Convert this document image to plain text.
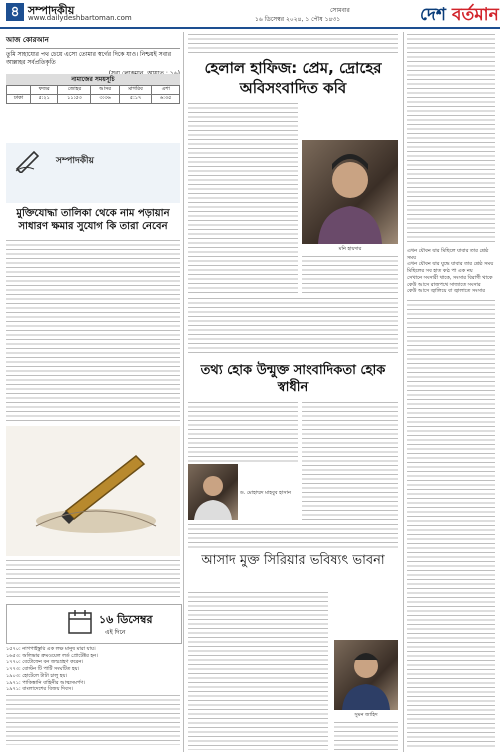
৪ সম্পাদকীয়
www.dailydeshbartoman.com
সোমবার
১৬ ডিসেম্বর ২০২৪, ১ পৌষ ১৪৩১	দেশ বর্তমান
আজ কোরআন
তুমি সাহায্যের পথ চেয়ে এসো তোমার স্বর্গের দিকে যাও। নিশ্চয়ই সবার আল্লাহর সর্বপ্রতিকৃতি
নামাজের সময়সূচি
	ফজর	জোহর	আসর	মাগরিব	এশা
ঢাকা	৫:২১	১১:৫৩	৩:৩৬	৫:১৭	৬:৩৫
সম্পাদকীয়
মুক্তিযোদ্ধা তালিকা থেকে নাম পড়ায়ান সাধারণ ক্ষমার সুযোগ কি তারা নেবেন
১৬ ডিসেম্বর
এই দিনে

১৫৭০: নাগপাইস্তুরি এক লক্ষ মানুষ মারা যায়।

১৬৫৩: অলিভার ক্রমওয়েল লর্ড প্রোটেক্টর হন।

১৭৭০: বেটোফেন বন জন্মগ্রহণ করেন।

১৭৭৩: বোস্টন টি পার্টি সংঘটিত হয়।

১৯০৩: হোটেলে টাটা চালু হয়।

১৯৭১: পাকিস্তানি বাহিনীর আত্মসমর্পণ।

১৯৭১: বাংলাদেশের বিজয় দিবস।

হেলাল হাফিজ: প্রেম, দ্রোহের অবিসংবাদিত কবি
মনি হায়দার
তথ্য হোক উন্মুক্ত সাংবাদিকতা হোক স্বাধীন
ড. মোহাম্মদ মাহবুব হাসান
আসাদ মুক্ত সিরিয়ার ভবিষ্যৎ ভাবনা
সুমন জাহিদ

এখন যৌবন যার মিছিলে যাবার তার শ্রেষ্ঠ সময়

এখন যৌবন যার যুদ্ধে যাবার তার শ্রেষ্ঠ সময়

মিছিলের সব হাত কণ্ঠ পা এক নয়

সেখানে সংসারী থাকে, সংসার বিরাগী থাকে

কেউ আসে রাজপথে সাজাতে সংসার

কেউ আসে জ্বালিয়ে বা জ্বালাতে সংসার
